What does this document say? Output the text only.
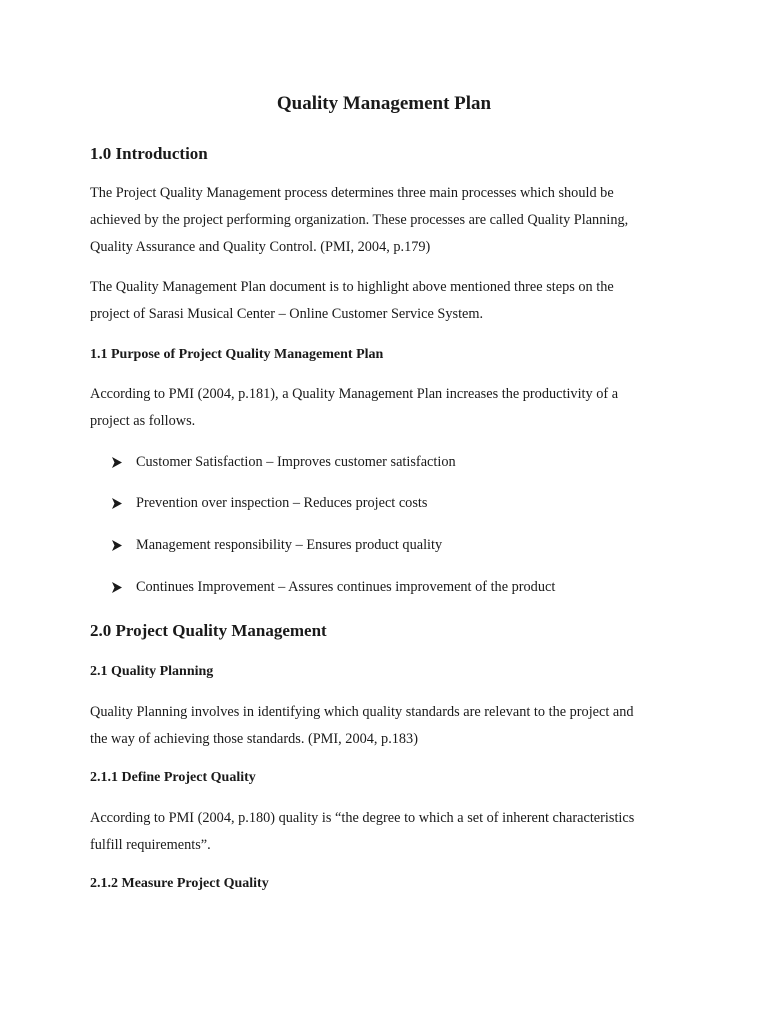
Quality Management Plan
1.0 Introduction

The Project Quality Management process determines three main processes which should be
achieved by the project performing organization. These processes are called Quality Planning,
Quality Assurance and Quality Control. (PMI, 2004, p.179)

The Quality Management Plan document is to highlight above mentioned three steps on the
project of Sarasi Musical Center – Online Customer Service System.

1.1 Purpose of Project Quality Management Plan

According to PMI (2004, p.181), a Quality Management Plan increases the productivity of a
project as follows.

Customer Satisfaction – Improves customer satisfaction
Prevention over inspection – Reduces project costs
Management responsibility – Ensures product quality
Continues Improvement – Assures continues improvement of the product
2.0 Project Quality Management
2.1 Quality Planning

Quality Planning involves in identifying which quality standards are relevant to the project and
the way of achieving those standards. (PMI, 2004, p.183)

2.1.1 Define Project Quality

According to PMI (2004, p.180) quality is “the degree to which a set of inherent characteristics
fulfill requirements”.

2.1.2 Measure Project Quality
